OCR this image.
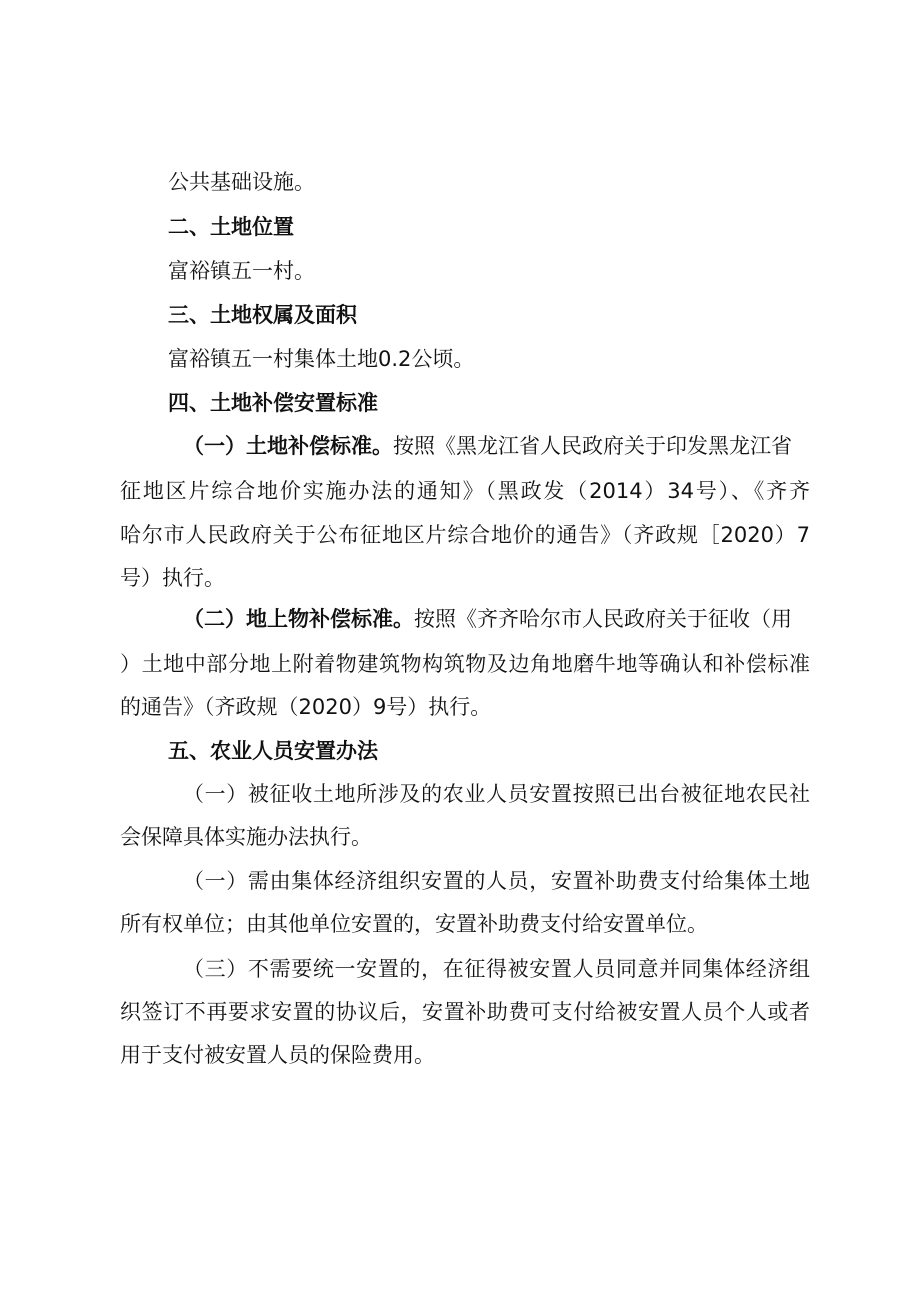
公共基础设施。
二、土地位置
富裕镇五一村。
三、土地权属及面积
富裕镇五一村集体土地0.2公顷。
四、土地补偿安置标准
（一）土地补偿标准。按照《黑龙江省人民政府关于印发黑龙江省
征地区片综合地价实施办法的通知》（黑政发（2014）34号）、《齐齐
哈尔市人民政府关于公布征地区片综合地价的通告》（齐政规［2020）7
号）执行。
（二）地上物补偿标准。按照《齐齐哈尔市人民政府关于征收（用
）土地中部分地上附着物建筑物构筑物及边角地磨牛地等确认和补偿标准
的通告》（齐政规（2020）9号）执行。
五、农业人员安置办法
（一）被征收土地所涉及的农业人员安置按照已出台被征地农民社
会保障具体实施办法执行。
（一）需由集体经济组织安置的人员，安置补助费支付给集体土地
所有权单位；由其他单位安置的，安置补助费支付给安置单位。
（三）不需要统一安置的，在征得被安置人员同意并同集体经济组
织签订不再要求安置的协议后，安置补助费可支付给被安置人员个人或者
用于支付被安置人员的保险费用。
